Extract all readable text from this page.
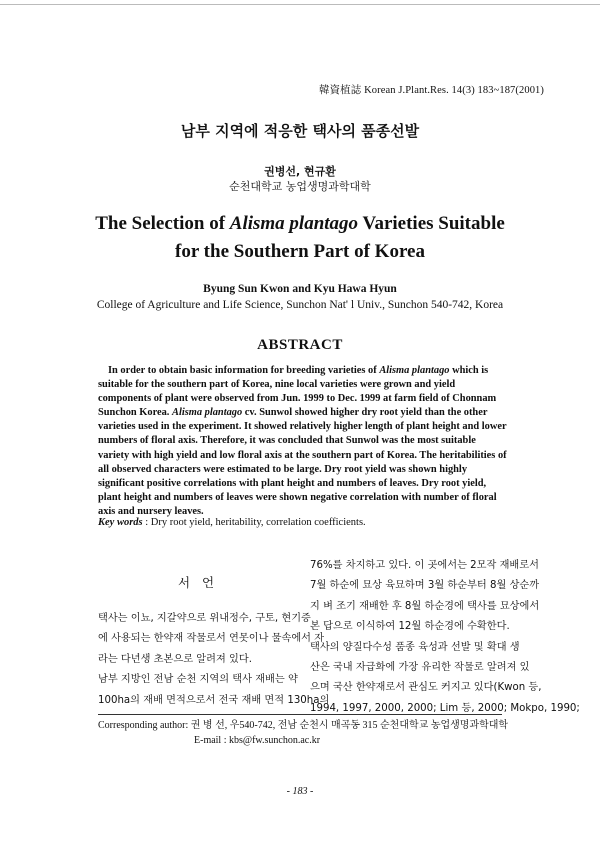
韓資植誌 Korean J.Plant.Res. 14(3) 183~187(2001)
남부 지역에 적응한 택사의 품종선발
권병선, 현규환
순천대학교 농업생명과학대학
The Selection of Alisma plantago Varieties Suitable
for the Southern Part of Korea
Byung Sun Kwon and Kyu Hawa Hyun
College of Agriculture and Life Science, Sunchon Nat' l Univ., Sunchon 540-742, Korea
ABSTRACT
In order to obtain basic information for breeding varieties of Alisma plantago which is
suitable for the southern part of Korea, nine local varieties were grown and yield
components of plant were observed from Jun. 1999 to Dec. 1999 at farm field of Chonnam
Sunchon Korea. Alisma plantago cv. Sunwol showed higher dry root yield than the other
varieties used in the experiment. It showed relatively higher length of plant height and lower
numbers of floral axis. Therefore, it was concluded that Sunwol was the most suitable
variety with high yield and low floral axis at the southern part of Korea. The heritabilities of
all observed characters were estimated to be large. Dry root yield was shown highly
significant positive correlations with plant height and numbers of leaves. Dry root yield,
plant height and numbers of leaves were shown negative correlation with number of floral
axis and nursery leaves.
Key words : Dry root yield, heritability, correlation coefficients.
서 언
택사는 이뇨, 지갈약으로 위내정수, 구토, 현기증
에 사용되는 한약재 작물로서 연못이나 물속에서 자
라는 다년생 초본으로 알려져 있다.
남부 지방인 전남 순천 지역의 택사 재배는 약
100ha의 재배 면적으로서 전국 재배 면적 130ha의
76%를 차지하고 있다. 이 곳에서는 2모작 재배로서
7월 하순에 묘상 육묘하며 3월 하순부터 8월 상순까
지 벼 조기 재배한 후 8월 하순경에 택사를 묘상에서
본 답으로 이식하여 12월 하순경에 수확한다.
택사의 양질다수성 품종 육성과 선발 및 확대 생
산은 국내 자급화에 가장 유리한 작물로 알려져 있
으며 국산 한약재로서 관심도 커지고 있다(Kwon 등,
1994, 1997, 2000, 2000; Lim 등, 2000; Mokpo, 1990;
Corresponding author: 권 병 선, 우540-742, 전남 순천시 매곡동 315 순천대학교 농업생명과학대학
E-mail : kbs@fw.sunchon.ac.kr
- 183 -
